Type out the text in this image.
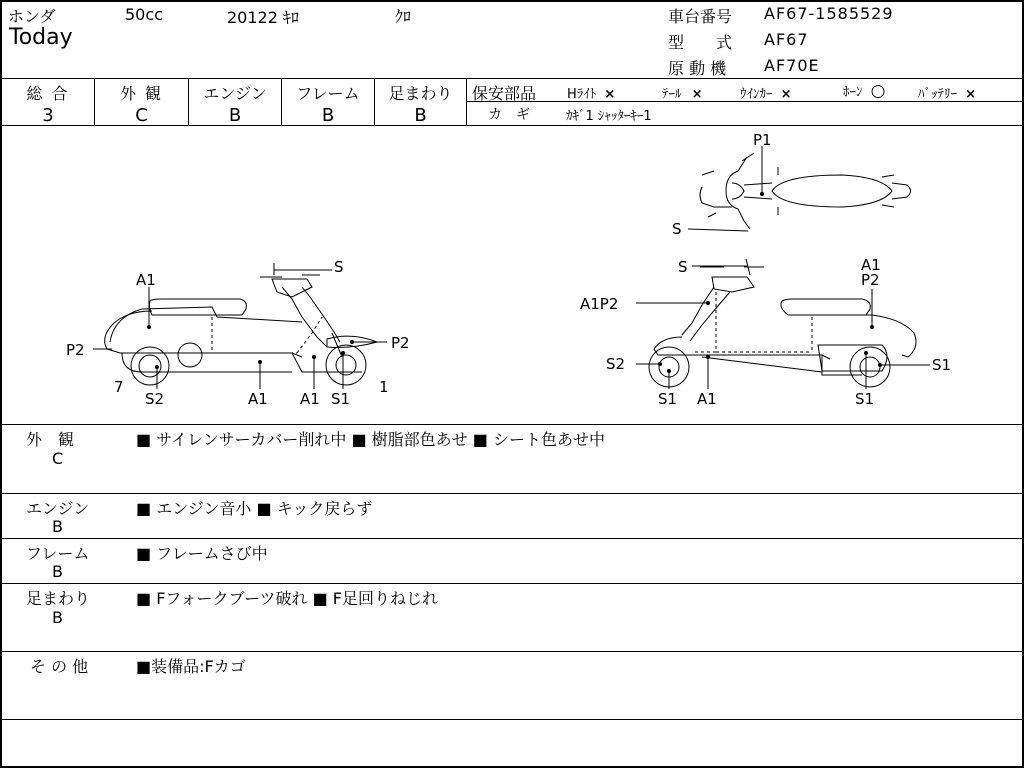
ホンダ	50cc	20122 ｷﾛ	ｸﾛ
Today
車台番号 AF67-1585529
型　　式 AF67
原 動 機 AF70E
総 合
3
外 観
C
エンジン
B
フレーム
B
足まわり
B
保安部品 Hﾗｲﾄ ×	ﾃｰﾙ ×	ｳｲﾝｶｰ ×	ﾎｰﾝ ○	ﾊﾞｯﾃﾘｰ ×
カ　ギ	ｶｷﾞ1 ｼｬｯﾀｰｷｰ1
A1
S
P2	P2
7
S2	A1 A1 S1
1
P1
S
S	A1
P2
A1P2
S2	S1
S1 A1	S1
外　観
C
■ サイレンサーカバー削れ中 ■ 樹脂部色あせ ■ シート色あせ中
エンジン
B
■ エンジン音小 ■ キック戻らず
フレーム
B
■ フレームさび中
足まわり
B
■ Fフォークブーツ破れ ■ F足回りねじれ
そ の 他	■装備品:Fカゴ
